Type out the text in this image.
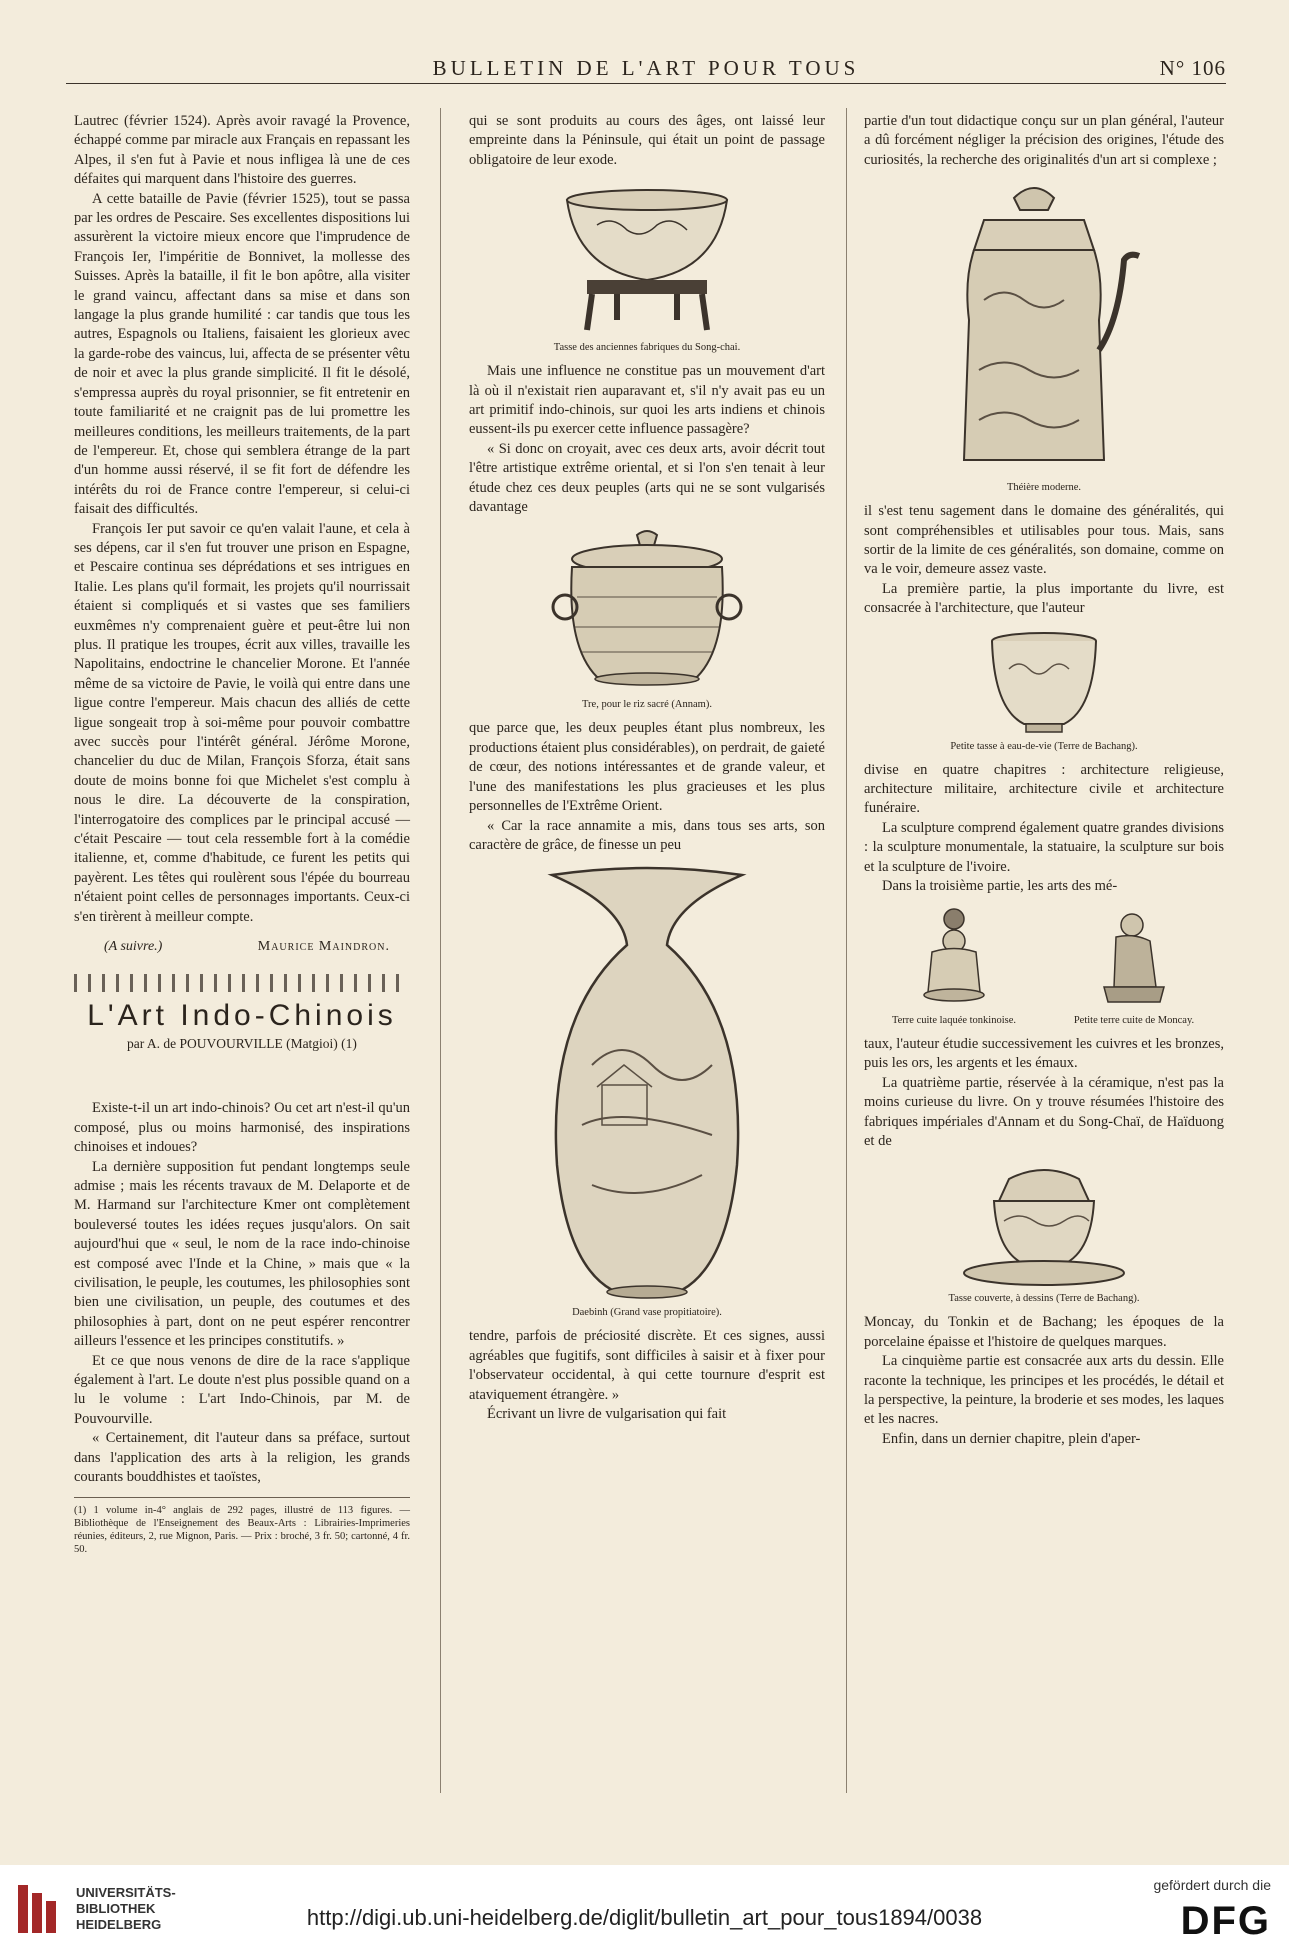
BULLETIN DE L'ART POUR TOUS	N° 106

Lautrec (février 1524). Après avoir ravagé la Provence, échappé comme par miracle aux Français en repassant les Alpes, il s'en fut à Pavie et nous infligea là une de ces défaites qui marquent dans l'histoire des guerres.

A cette bataille de Pavie (février 1525), tout se passa par les ordres de Pescaire. Ses excellentes dispositions lui assurèrent la victoire mieux encore que l'imprudence de François Ier, l'impéritie de Bonnivet, la mollesse des Suisses. Après la bataille, il fit le bon apôtre, alla visiter le grand vaincu, affectant dans sa mise et dans son langage la plus grande humilité : car tandis que tous les autres, Espagnols ou Italiens, faisaient les glorieux avec la garde-robe des vaincus, lui, affecta de se présenter vêtu de noir et avec la plus grande simplicité. Il fit le désolé, s'empressa auprès du royal prisonnier, se fit entretenir en toute familiarité et ne craignit pas de lui promettre les meilleures conditions, les meilleurs traitements, de la part de l'empereur. Et, chose qui semblera étrange de la part d'un homme aussi réservé, il se fit fort de défendre les intérêts du roi de France contre l'empereur, si celui-ci faisait des difficultés.

François Ier put savoir ce qu'en valait l'aune, et cela à ses dépens, car il s'en fut trouver une prison en Espagne, et Pescaire continua ses déprédations et ses intrigues en Italie. Les plans qu'il formait, les projets qu'il nourrissait étaient si compliqués et si vastes que ses familiers euxmêmes n'y comprenaient guère et peut-être lui non plus. Il pratique les troupes, écrit aux villes, travaille les Napolitains, endoctrine le chancelier Morone. Et l'année même de sa victoire de Pavie, le voilà qui entre dans une ligue contre l'empereur. Mais chacun des alliés de cette ligue songeait trop à soi-même pour pouvoir combattre avec succès pour l'intérêt général. Jérôme Morone, chancelier du duc de Milan, François Sforza, était sans doute de moins bonne foi que Michelet s'est complu à nous le dire. La découverte de la conspiration, l'interrogatoire des complices par le principal accusé — c'était Pescaire — tout cela ressemble fort à la comédie italienne, et, comme d'habitude, ce furent les petits qui payèrent. Les têtes qui roulèrent sous l'épée du bourreau n'étaient point celles de personnages importants. Ceux-ci s'en tirèrent à meilleur compte.

(A suivre.)	Maurice Maindron.
L'Art Indo-Chinois
par A. de POUVOURVILLE (Matgioi) (1)

Existe-t-il un art indo-chinois? Ou cet art n'est-il qu'un composé, plus ou moins harmonisé, des inspirations chinoises et indoues?

La dernière supposition fut pendant longtemps seule admise ; mais les récents travaux de M. Delaporte et de M. Harmand sur l'architecture Kmer ont complètement bouleversé toutes les idées reçues jusqu'alors. On sait aujourd'hui que « seul, le nom de la race indo-chinoise est composé avec l'Inde et la Chine, » mais que « la civilisation, le peuple, les coutumes, les philosophies sont bien une civilisation, un peuple, des coutumes et des philosophies à part, dont on ne peut espérer rencontrer ailleurs l'essence et les principes constitutifs. »

Et ce que nous venons de dire de la race s'applique également à l'art. Le doute n'est plus possible quand on a lu le volume : L'art Indo-Chinois, par M. de Pouvourville.

« Certainement, dit l'auteur dans sa préface, surtout dans l'application des arts à la religion, les grands courants bouddhistes et taoïstes,

(1) 1 volume in-4° anglais de 292 pages, illustré de 113 figures. — Bibliothèque de l'Enseignement des Beaux-Arts : Librairies-Imprimeries réunies, éditeurs, 2, rue Mignon, Paris. — Prix : broché, 3 fr. 50; cartonné, 4 fr. 50.

qui se sont produits au cours des âges, ont laissé leur empreinte dans la Péninsule, qui était un point de passage obligatoire de leur exode.

Tasse des anciennes fabriques du Song-chai.

Mais une influence ne constitue pas un mouvement d'art là où il n'existait rien auparavant et, s'il n'y avait pas eu un art primitif indo-chinois, sur quoi les arts indiens et chinois eussent-ils pu exercer cette influence passagère?

« Si donc on croyait, avec ces deux arts, avoir décrit tout l'être artistique extrême oriental, et si l'on s'en tenait à leur étude chez ces deux peuples (arts qui ne se sont vulgarisés davantage

Tre, pour le riz sacré (Annam).

que parce que, les deux peuples étant plus nombreux, les productions étaient plus considérables), on perdrait, de gaieté de cœur, des notions intéressantes et de grande valeur, et l'une des manifestations les plus gracieuses et les plus personnelles de l'Extrême Orient.

« Car la race annamite a mis, dans tous ses arts, son caractère de grâce, de finesse un peu

Daebinh (Grand vase propitiatoire).

tendre, parfois de préciosité discrète. Et ces signes, aussi agréables que fugitifs, sont difficiles à saisir et à fixer pour l'observateur occidental, à qui cette tournure d'esprit est ataviquement étrangère. »

Écrivant un livre de vulgarisation qui fait

partie d'un tout didactique conçu sur un plan général, l'auteur a dû forcément négliger la précision des origines, l'étude des curiosités, la recherche des originalités d'un art si complexe ;

Théière moderne.

il s'est tenu sagement dans le domaine des généralités, qui sont compréhensibles et utilisables pour tous. Mais, sans sortir de la limite de ces généralités, son domaine, comme on va le voir, demeure assez vaste.

La première partie, la plus importante du livre, est consacrée à l'architecture, que l'auteur

Petite tasse à eau-de-vie (Terre de Bachang).

divise en quatre chapitres : architecture religieuse, architecture militaire, architecture civile et architecture funéraire.

La sculpture comprend également quatre grandes divisions : la sculpture monumentale, la statuaire, la sculpture sur bois et la sculpture de l'ivoire.

Dans la troisième partie, les arts des mé-

Terre cuite laquée tonkinoise.	Petite terre cuite de Moncay.

taux, l'auteur étudie successivement les cuivres et les bronzes, puis les ors, les argents et les émaux.

La quatrième partie, réservée à la céramique, n'est pas la moins curieuse du livre. On y trouve résumées l'histoire des fabriques impériales d'Annam et du Song-Chaï, de Haïduong et de

Tasse couverte, à dessins (Terre de Bachang).

Moncay, du Tonkin et de Bachang; les époques de la porcelaine épaisse et l'histoire de quelques marques.

La cinquième partie est consacrée aux arts du dessin. Elle raconte la technique, les principes et les procédés, le détail et la perspective, la peinture, la broderie et ses modes, les laques et les nacres.

Enfin, dans un dernier chapitre, plein d'aper-

UNIVERSITÄTS-
BIBLIOTHEK
HEIDELBERG	http://digi.ub.uni-heidelberg.de/diglit/bulletin_art_pour_tous1894/0038
gefördert durch die
DFG
